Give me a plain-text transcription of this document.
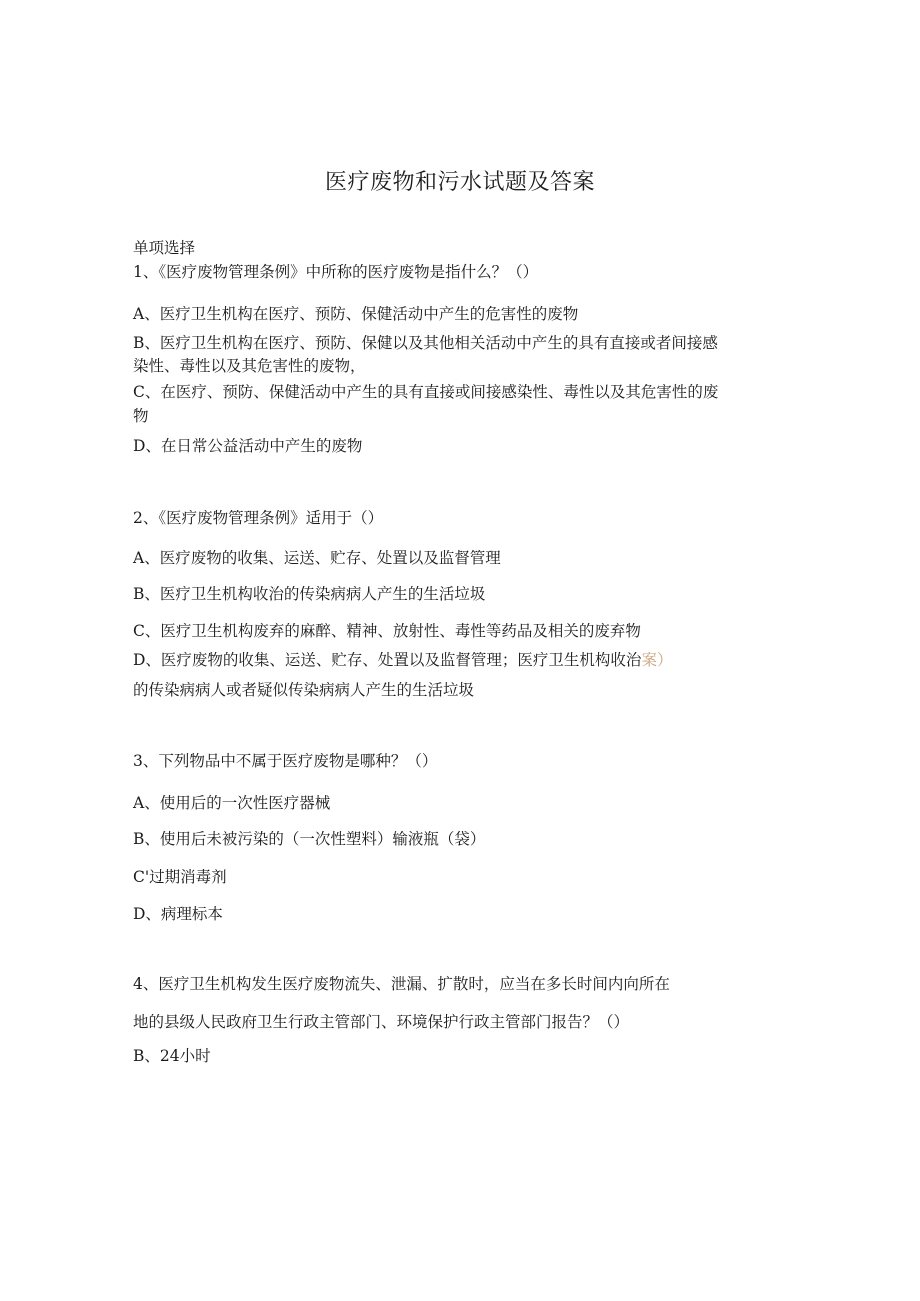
医疗废物和污水试题及答案
单项选择
1、《医疗废物管理条例》中所称的医疗废物是指什么？（）
A、医疗卫生机构在医疗、预防、保健活动中产生的危害性的废物
B、医疗卫生机构在医疗、预防、保健以及其他相关活动中产生的具有直接或者间接感
染性、毒性以及其危害性的废物，
C、在医疗、预防、保健活动中产生的具有直接或间接感染性、毒性以及其危害性的废
物
D、在日常公益活动中产生的废物
2、《医疗废物管理条例》适用于（）
A、医疗废物的收集、运送、贮存、处置以及监督管理
B、医疗卫生机构收治的传染病病人产生的生活垃圾
C、医疗卫生机构废弃的麻醉、精神、放射性、毒性等药品及相关的废弃物
D、医疗废物的收集、运送、贮存、处置以及监督管理；医疗卫生机构收治案）
的传染病病人或者疑似传染病病人产生的生活垃圾
3、下列物品中不属于医疗废物是哪种？（）
A、使用后的一次性医疗器械
B、使用后未被污染的（一次性塑料）输液瓶（袋）
C'过期消毒剂
D、病理标本
4、医疗卫生机构发生医疗废物流失、泄漏、扩散时，应当在多长时间内向所在
地的县级人民政府卫生行政主管部门、环境保护行政主管部门报告？（）
B、24小时
